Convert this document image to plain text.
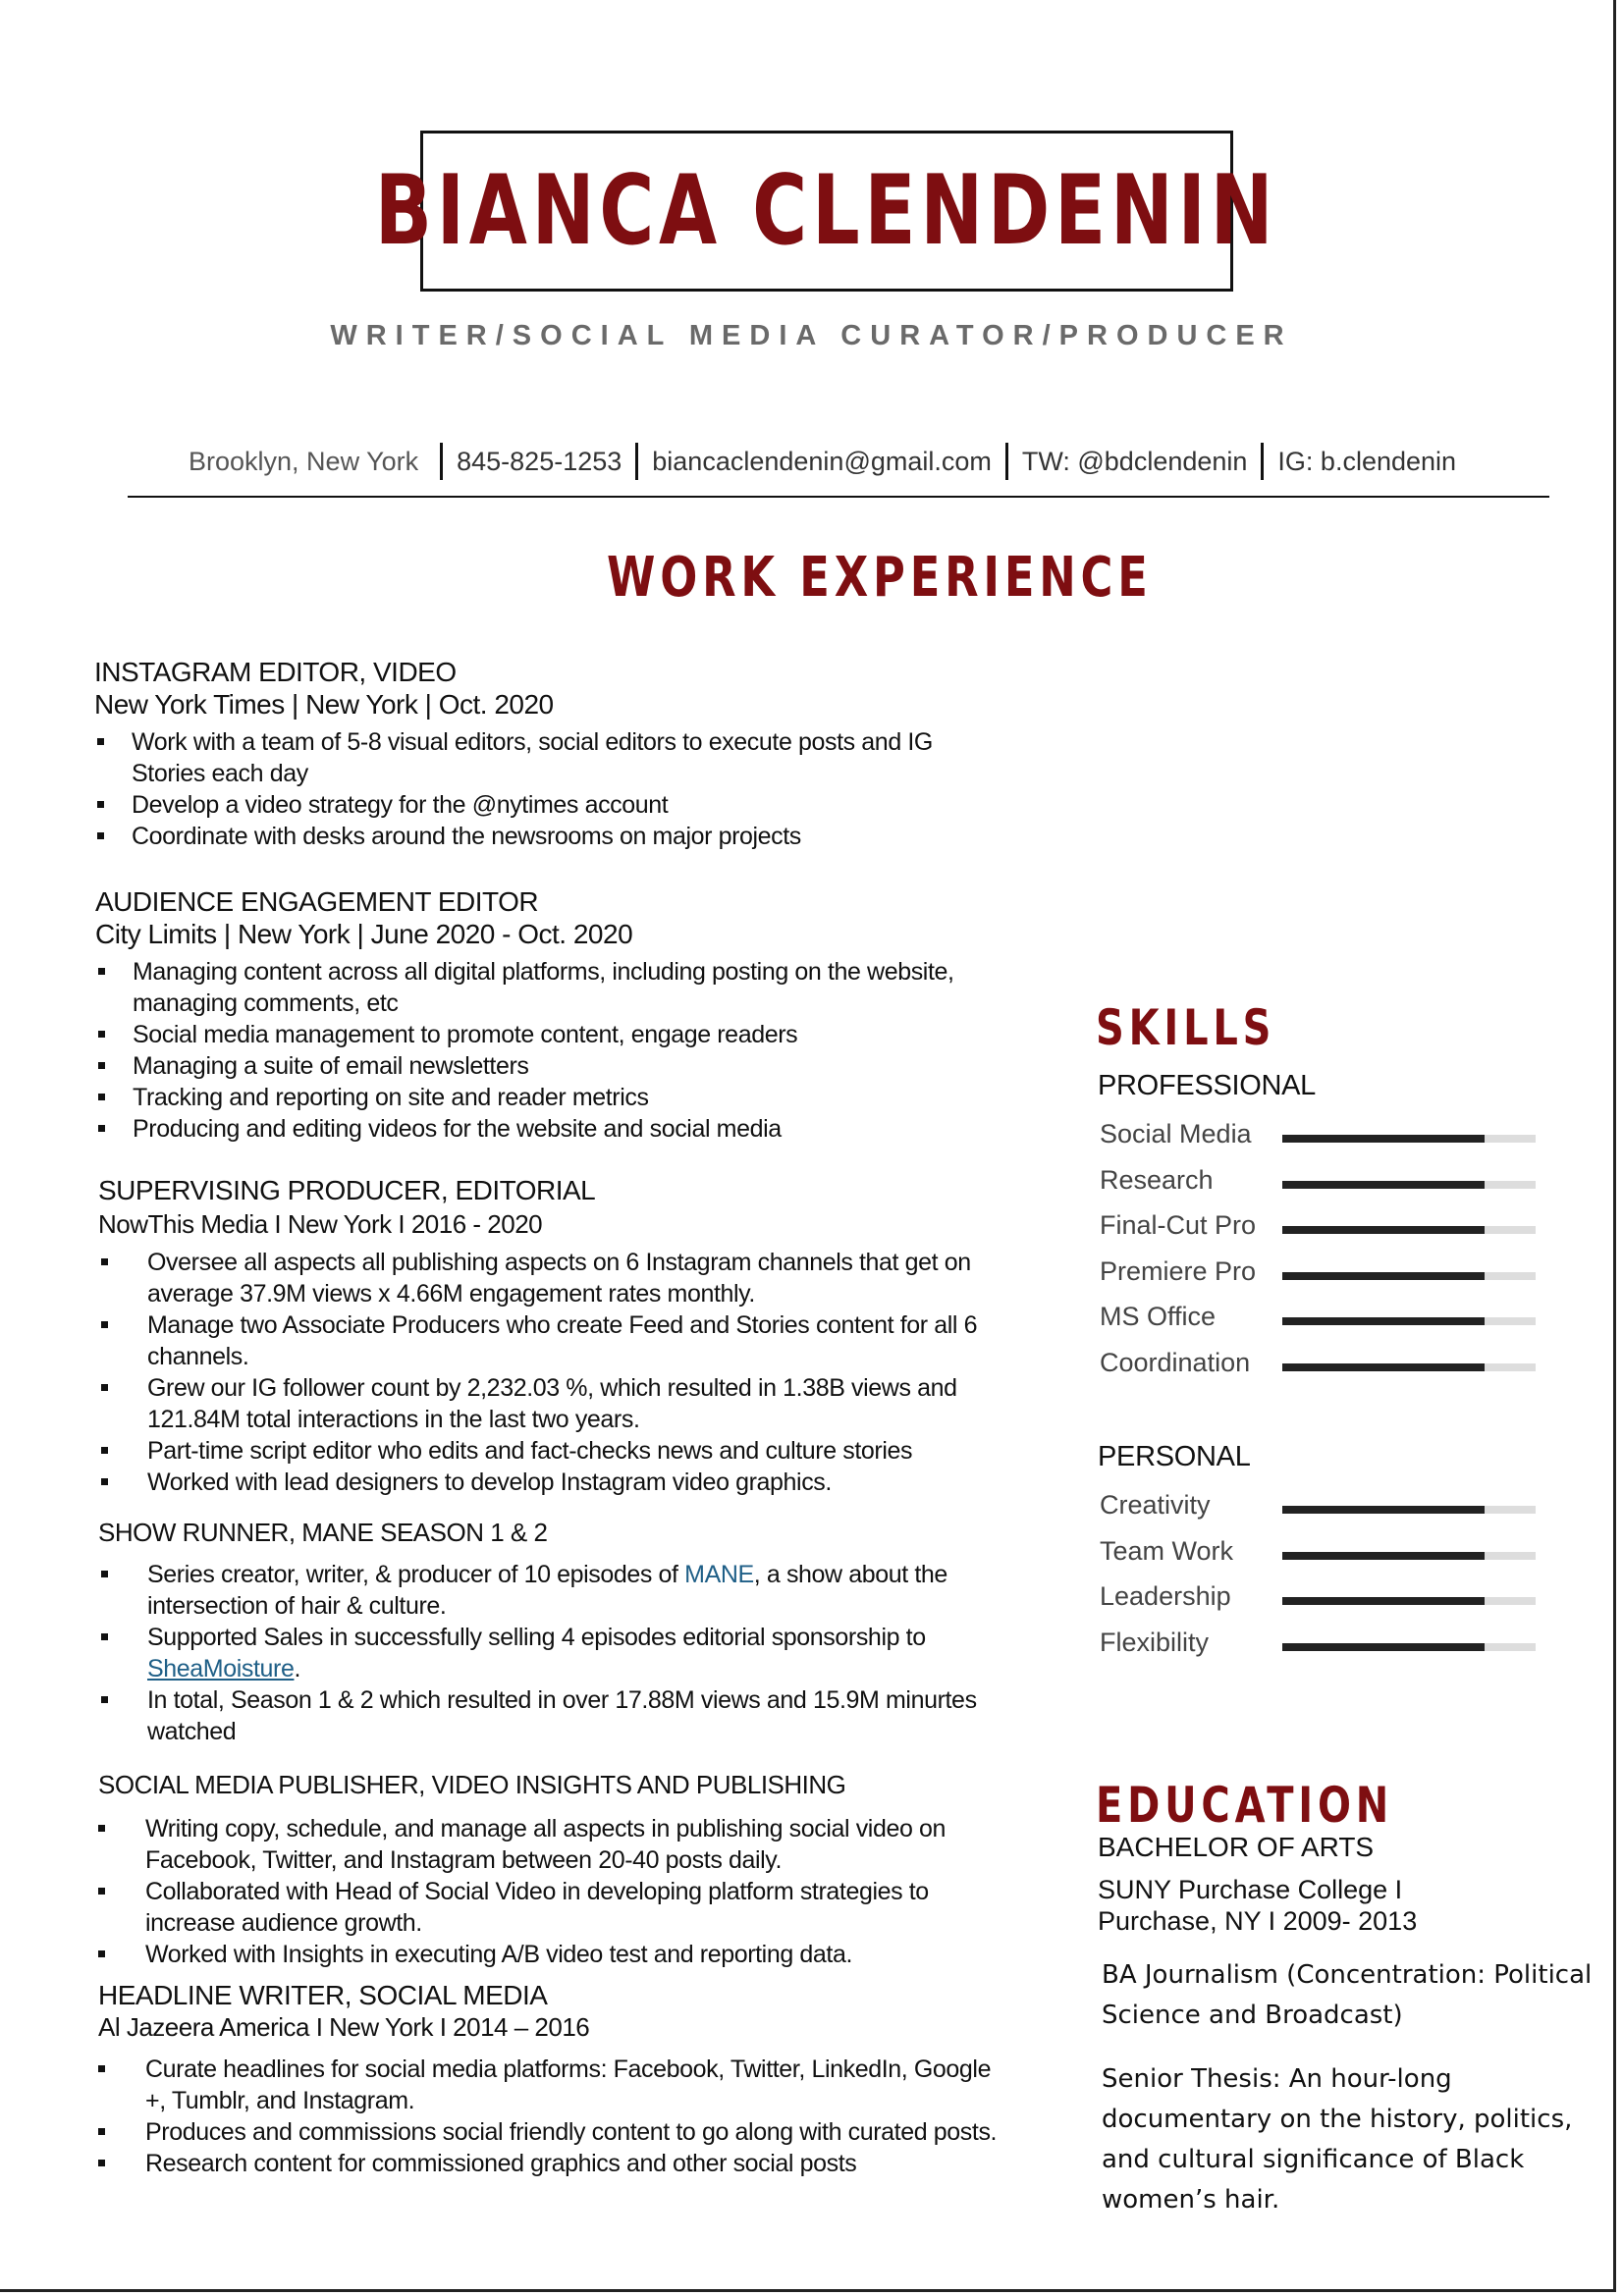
BIANCA CLENDENIN
WRITER/SOCIAL MEDIA CURATOR/PRODUCER
Brooklyn, New York	845-825-1253	biancaclendenin@gmail.com	TW: @bdclendenin	IG: b.clendenin
WORK EXPERIENCE
INSTAGRAM EDITOR, VIDEO
New York Times | New York | Oct. 2020
Work with a team of 5-8 visual editors, social editors to execute posts and IG Stories each day
Develop a video strategy for the @nytimes account
Coordinate with desks around the newsrooms on major projects
AUDIENCE ENGAGEMENT EDITOR
City Limits | New York | June 2020 - Oct. 2020
Managing content across all digital platforms, including posting on the website, managing comments, etc
Social media management to promote content, engage readers
Managing a suite of email newsletters
Tracking and reporting on site and reader metrics
Producing and editing videos for the website and social media
SUPERVISING PRODUCER, EDITORIAL
NowThis Media I New York I 2016 - 2020
Oversee all aspects all publishing aspects on 6 Instagram channels that get on average 37.9M views x 4.66M engagement rates monthly.
Manage two Associate Producers who create Feed and Stories content for all 6 channels.
Grew our IG follower count by 2,232.03 %, which resulted in 1.38B views and 121.84M total interactions in the last two years.
Part-time script editor who edits and fact-checks news and culture stories
Worked with lead designers to develop Instagram video graphics.
SHOW RUNNER, MANE SEASON 1 & 2
Series creator, writer, & producer of 10 episodes of MANE, a show about the intersection of hair & culture.
Supported Sales in successfully selling 4 episodes editorial sponsorship to SheaMoisture.
In total, Season 1 & 2 which resulted in over 17.88M views and 15.9M minurtes watched
SOCIAL MEDIA PUBLISHER, VIDEO INSIGHTS AND PUBLISHING
Writing copy, schedule, and manage all aspects in publishing social video on Facebook, Twitter, and Instagram between 20-40 posts daily.
Collaborated with Head of Social Video in developing platform strategies to increase audience growth.
Worked with Insights in executing A/B video test and reporting data.
HEADLINE WRITER, SOCIAL MEDIA
Al Jazeera America I New York I 2014 – 2016
Curate headlines for social media platforms: Facebook, Twitter, LinkedIn, Google +, Tumblr, and Instagram.
Produces and commissions social friendly content to go along with curated posts.
Research content for commissioned graphics and other social posts
SKILLS
PROFESSIONAL
Social Media
Research
Final-Cut Pro
Premiere Pro
MS Office
Coordination
PERSONAL
Creativity
Team Work
Leadership
Flexibility
EDUCATION
BACHELOR OF ARTS
SUNY Purchase College I
Purchase, NY I 2009- 2013
BA Journalism (Concentration: Political Science and Broadcast)
Senior Thesis: An hour-long documentary on the history, politics, and cultural significance of Black women’s hair.
